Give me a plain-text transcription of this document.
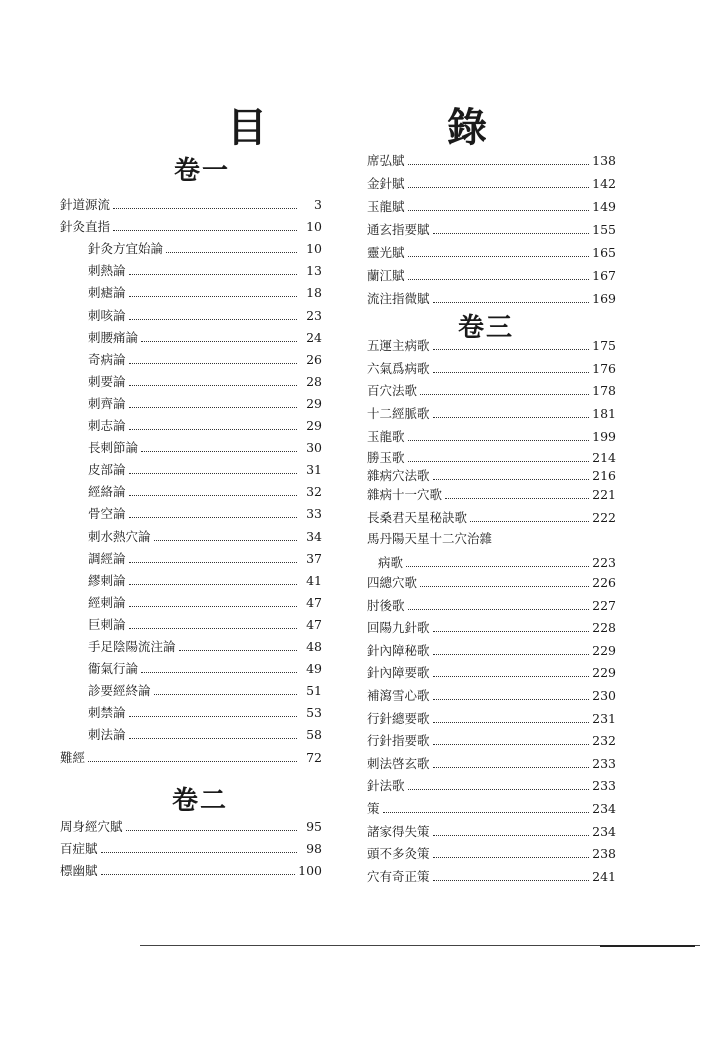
目　錄
卷一
針道源流	3
針灸直指	10
針灸方宜始論	10
刺熱論	13
刺瘧論	18
刺咳論	23
刺腰痛論	24
奇病論	26
刺要論	28
刺齊論	29
刺志論	29
長刺節論	30
皮部論	31
經絡論	32
骨空論	33
刺水熱穴論	34
調經論	37
繆刺論	41
經刺論	47
巨刺論	47
手足陰陽流注論	48
衞氣行論	49
診要經終論	51
刺禁論	53
刺法論	58
難經	72
卷二
周身經穴賦	95
百症賦	98
標幽賦	100
席弘賦	138
金針賦	142
玉龍賦	149
通玄指要賦	155
靈光賦	165
蘭江賦	167
流注指微賦	169
卷三
五運主病歌	175
六氣爲病歌	176
百穴法歌	178
十二經脈歌	181
玉龍歌	199
勝玉歌	214
雜病穴法歌	216
雜病十一穴歌	221
長桑君天星秘訣歌	222
馬丹陽天星十二穴治雜
病歌	223
四總穴歌	226
肘後歌	227
回陽九針歌	228
針內障秘歌	229
針內障要歌	229
補瀉雪心歌	230
行針總要歌	231
行針指要歌	232
刺法啓玄歌	233
針法歌	233
策	234
諸家得失策	234
頭不多灸策	238
穴有奇正策	241
